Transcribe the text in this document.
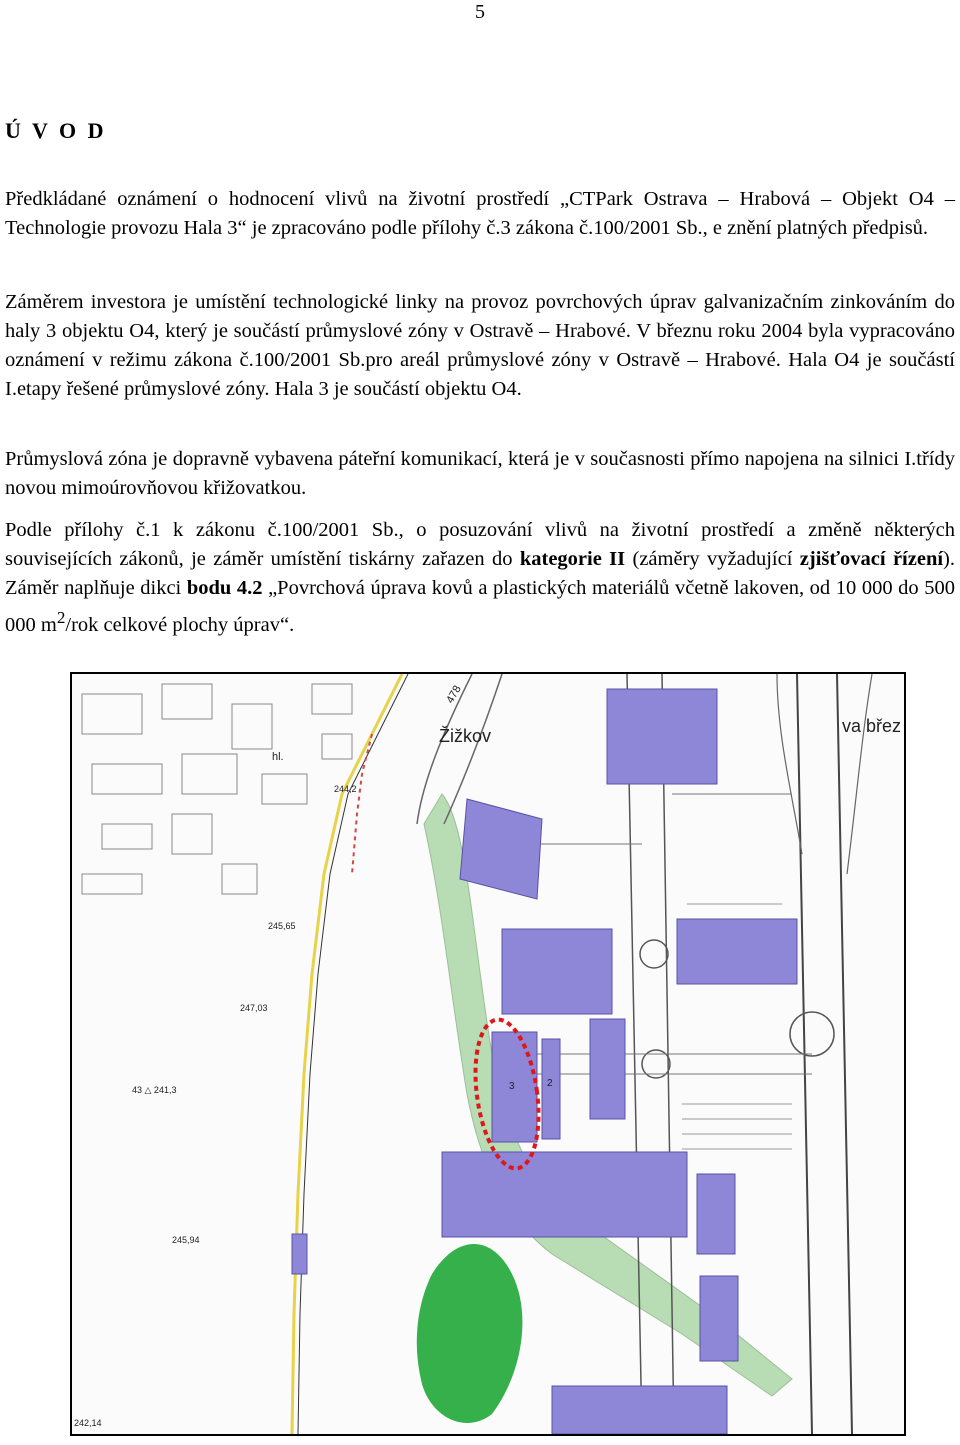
5
Ú V O D

Předkládané oznámení o hodnocení vlivů na životní prostředí „CTPark Ostrava – Hrabová – Objekt O4 – Technologie provozu Hala 3“ je zpracováno podle přílohy č.3 zákona č.100/2001 Sb., e znění platných předpisů.

Záměrem investora je umístění technologické linky na provoz povrchových úprav galvanizačním zinkováním do haly 3 objektu O4, který je součástí průmyslové zóny v Ostravě – Hrabové. V březnu roku 2004 byla vypracováno oznámení v režimu zákona č.100/2001 Sb.pro areál průmyslové zóny v Ostravě – Hrabové. Hala O4 je součástí I.etapy řešené průmyslové zóny. Hala 3 je součástí objektu O4.

Průmyslová zóna je dopravně vybavena páteřní komunikací, která je v současnosti přímo napojena na silnici I.třídy novou mimoúrovňovou křižovatkou.

Podle přílohy č.1 k zákonu č.100/2001 Sb., o posuzování vlivů na životní prostředí a změně některých souvisejících zákonů, je záměr umístění tiskárny zařazen do kategorie II (záměry vyžadující zjišťovací řízení). Záměr naplňuje dikci bodu 4.2 „Povrchová úprava kovů a plastických materiálů včetně lakoven, od 10 000 do 500 000 $m^2$/rok celkové plochy úprav“.

Žižkov
478
va břez
hl.
244,2
245,65
247,03
43 △ 241,3
245,94
242,14
3	2
